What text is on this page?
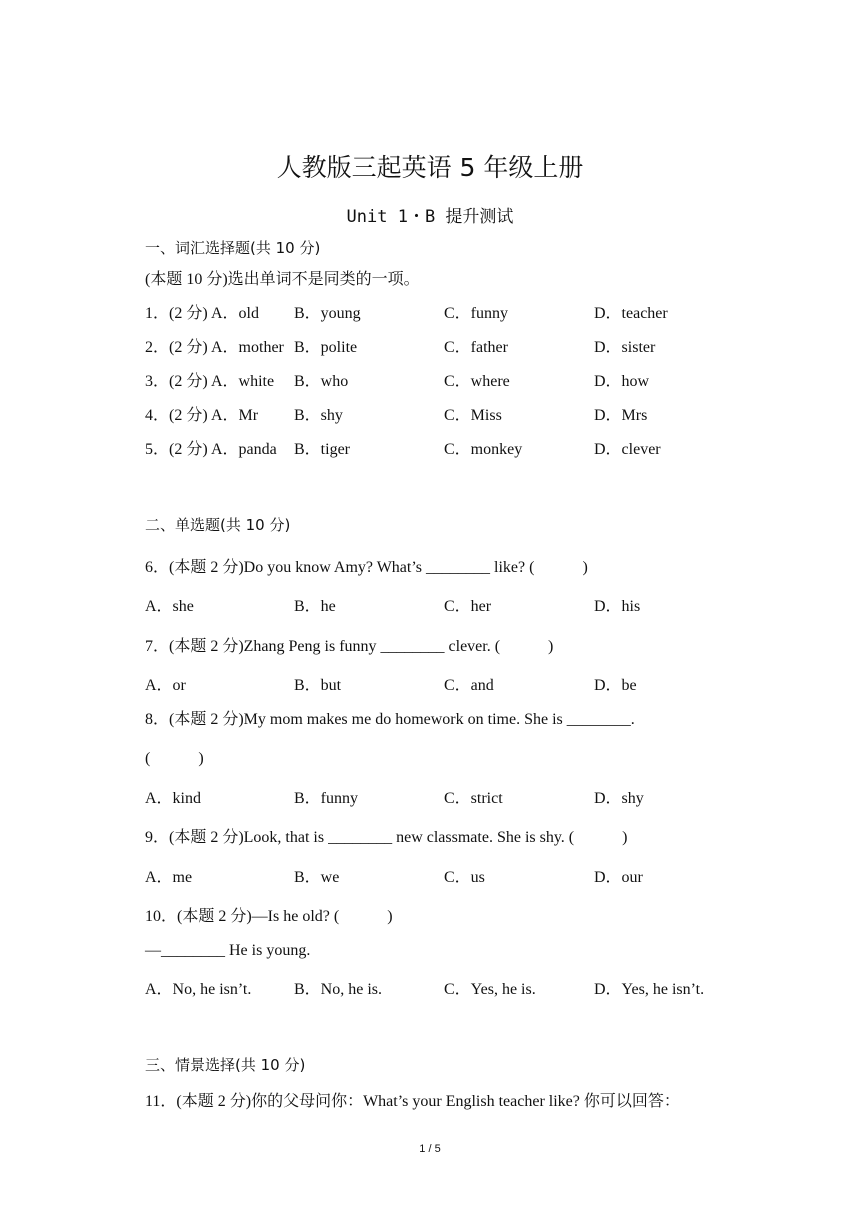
人教版三起英语 5 年级上册
Unit 1・B 提升测试
一、词汇选择题(共 10 分)
(本题 10 分)选出单词不是同类的一项。
1．(2 分) A．old B．young	C．funny	D．teacher
2．(2 分) A．mother B．polite	C．father	D．sister
3．(2 分) A．white B．who	C．where	D．how
4．(2 分) A．Mr B．shy	C．Miss	D．Mrs
5．(2 分) A．panda B．tiger	C．monkey	D．clever
二、单选题(共 10 分)
6．(本题 2 分)Do you know Amy? What’s ________ like? (　　　)
A．she	B．he	C．her	D．his
7．(本题 2 分)Zhang Peng is funny ________ clever. (　　　)
A．or	B．but	C．and	D．be
8．(本题 2 分)My mom makes me do homework on time. She is ________.
(　　　)
A．kind	B．funny	C．strict	D．shy
9．(本题 2 分)Look, that is ________ new classmate. She is shy. (　　　)
A．me	B．we	C．us	D．our
10．(本题 2 分)—Is he old? (　　　)
—________ He is young.
A．No, he isn’t.	B．No, he is.	C．Yes, he is.	D．Yes, he isn’t.
三、情景选择(共 10 分)
11．(本题 2 分)你的父母问你：What’s your English teacher like? 你可以回答：
1 / 5
